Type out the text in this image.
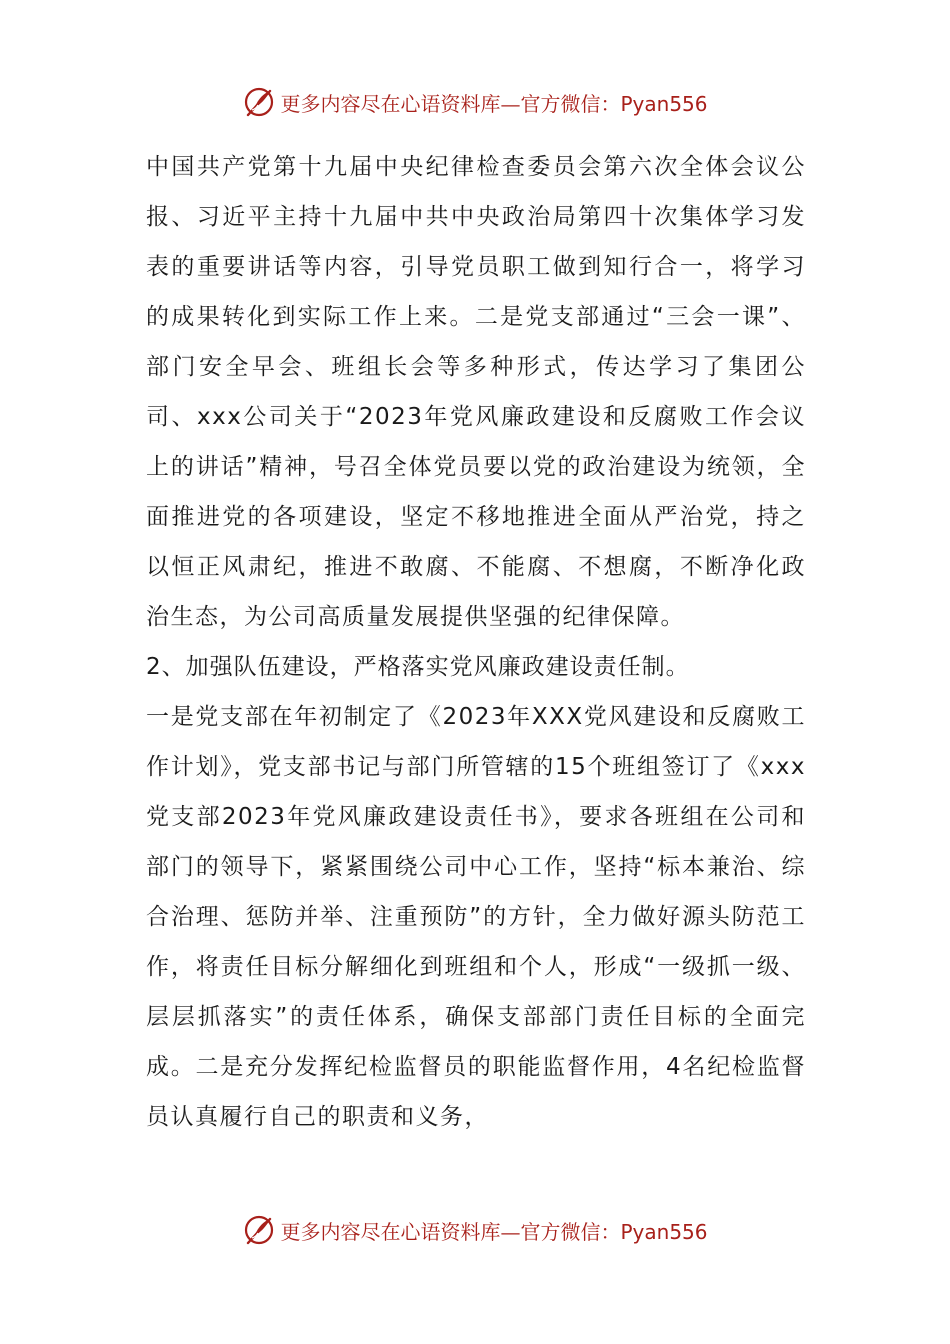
更多内容尽在心语资料库—官方微信：Pyan556

中国共产党第十九届中央纪律检查委员会第六次全体会议公报、习近平主持十九届中共中央政治局第四十次集体学习发表的重要讲话等内容，引导党员职工做到知行合一，将学习的成果转化到实际工作上来。二是党支部通过“三会一课”、部门安全早会、班组长会等多种形式，传达学习了集团公司、xxx公司关于“2023年党风廉政建设和反腐败工作会议上的讲话”精神，号召全体党员要以党的政治建设为统领，全面推进党的各项建设，坚定不移地推进全面从严治党，持之以恒正风肃纪，推进不敢腐、不能腐、不想腐，不断净化政治生态，为公司高质量发展提供坚强的纪律保障。

2、加强队伍建设，严格落实党风廉政建设责任制。

一是党支部在年初制定了《2023年XXX党风建设和反腐败工作计划》，党支部书记与部门所管辖的15个班组签订了《xxx党支部2023年党风廉政建设责任书》，要求各班组在公司和部门的领导下，紧紧围绕公司中心工作，坚持“标本兼治、综合治理、惩防并举、注重预防”的方针，全力做好源头防范工作，将责任目标分解细化到班组和个人，形成“一级抓一级、层层抓落实”的责任体系，确保支部部门责任目标的全面完成。二是充分发挥纪检监督员的职能监督作用，4名纪检监督员认真履行自己的职责和义务，

更多内容尽在心语资料库—官方微信：Pyan556
